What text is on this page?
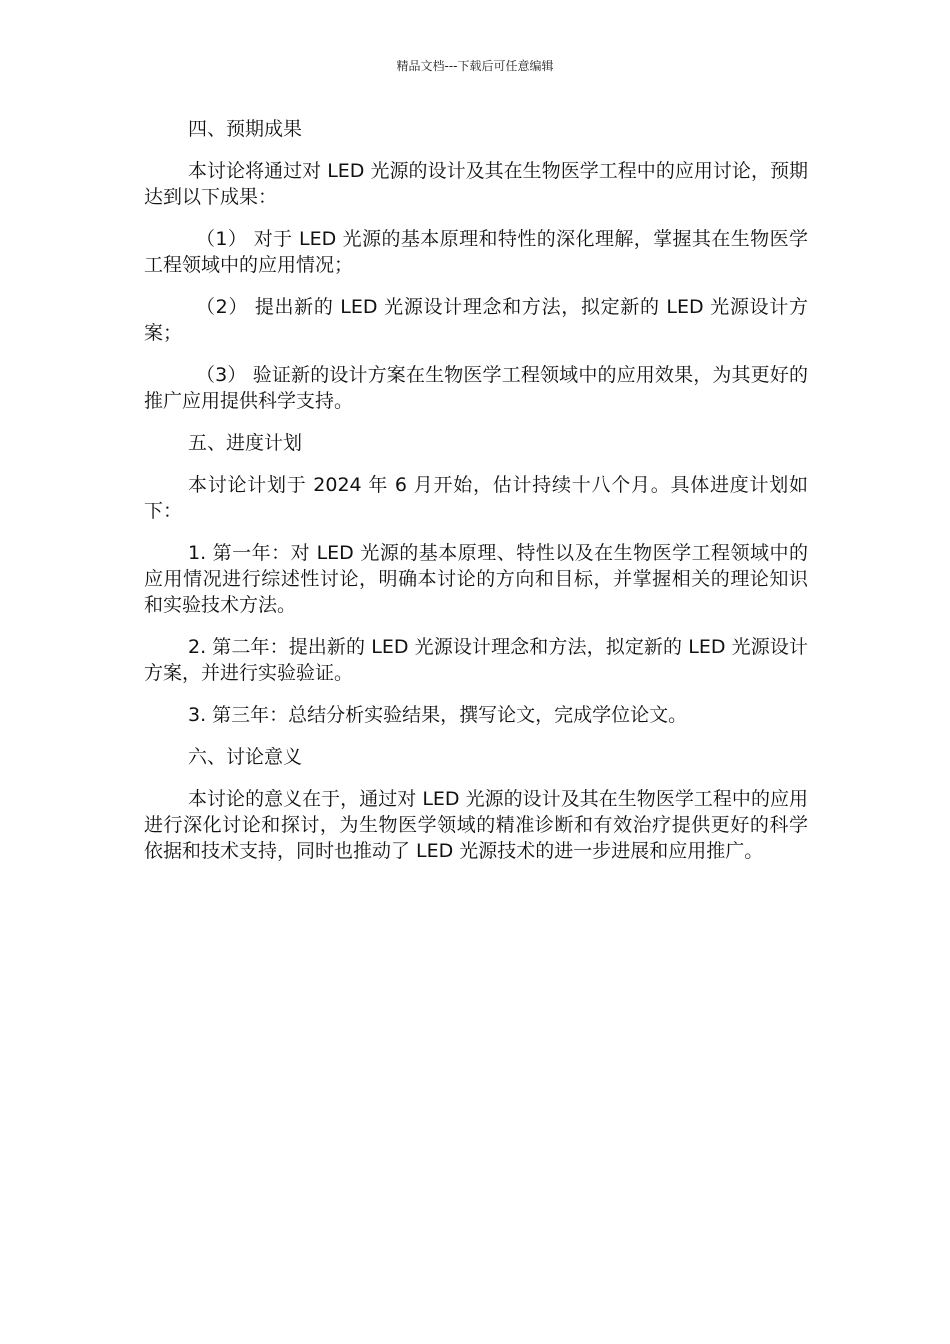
精品文档---下载后可任意编辑

四、预期成果

本讨论将通过对 LED 光源的设计及其在生物医学工程中的应用讨论，预期达到以下成果：

（1） 对于 LED 光源的基本原理和特性的深化理解，掌握其在生物医学工程领域中的应用情况；

（2） 提出新的 LED 光源设计理念和方法，拟定新的 LED 光源设计方案；

（3） 验证新的设计方案在生物医学工程领域中的应用效果，为其更好的推广应用提供科学支持。

五、进度计划

本讨论计划于 2024 年 6 月开始，估计持续十八个月。具体进度计划如下：

1. 第一年：对 LED 光源的基本原理、特性以及在生物医学工程领域中的应用情况进行综述性讨论，明确本讨论的方向和目标，并掌握相关的理论知识和实验技术方法。

2. 第二年：提出新的 LED 光源设计理念和方法，拟定新的 LED 光源设计方案，并进行实验验证。

3. 第三年：总结分析实验结果，撰写论文，完成学位论文。

六、讨论意义

本讨论的意义在于，通过对 LED 光源的设计及其在生物医学工程中的应用进行深化讨论和探讨，为生物医学领域的精准诊断和有效治疗提供更好的科学依据和技术支持，同时也推动了 LED 光源技术的进一步进展和应用推广。
